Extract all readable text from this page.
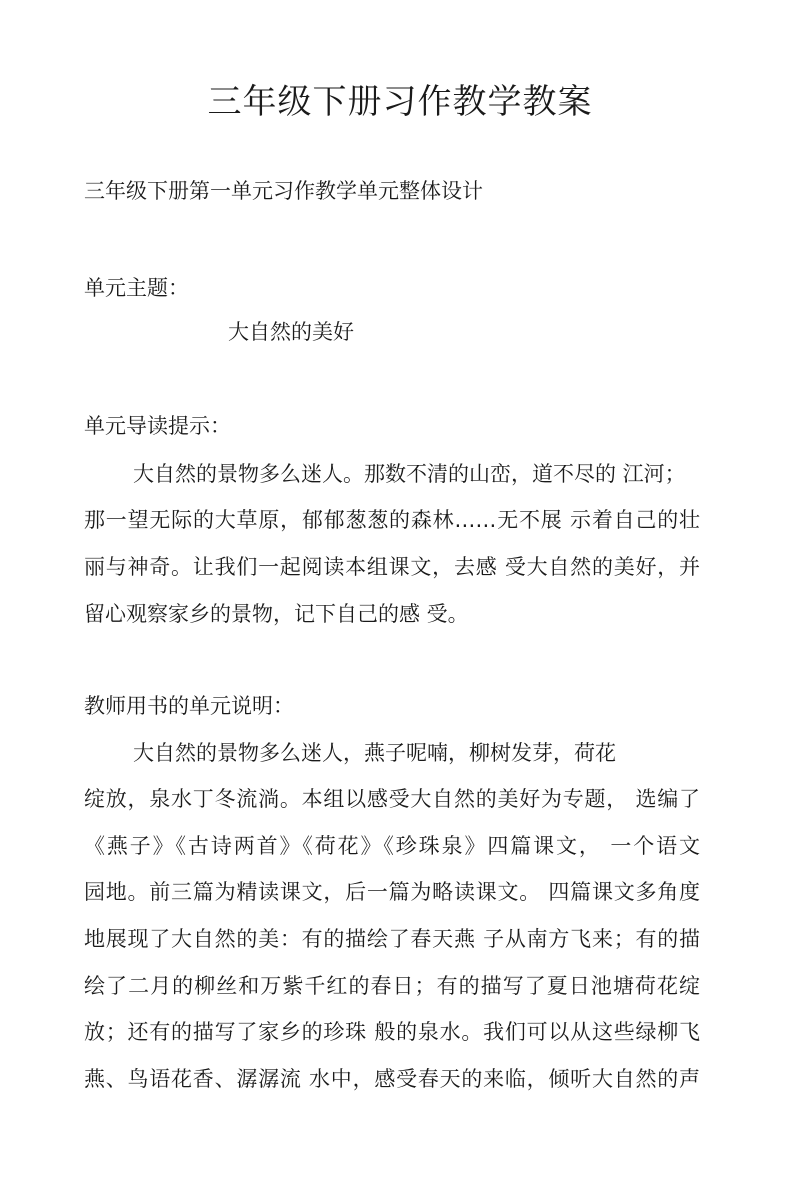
三年级下册习作教学教案
三年级下册第一单元习作教学单元整体设计
单元主题：
大自然的美好
单元导读提示：
大自然的景物多么迷人。那数不清的山峦，道不尽的 江河；
那一望无际的大草原，郁郁葱葱的森林……无不展 示着自己的壮
丽与神奇。让我们一起阅读本组课文，去感 受大自然的美好，并
留心观察家乡的景物，记下自己的感 受。
教师用书的单元说明：
大自然的景物多么迷人，燕子呢喃，柳树发芽，荷花
绽放，泉水丁冬流淌。本组以感受大自然的美好为专题， 选编了
《燕子》《古诗两首》《荷花》《珍珠泉》四篇课文， 一个语文
园地。前三篇为精读课文，后一篇为略读课文。 四篇课文多角度
地展现了大自然的美：有的描绘了春天燕 子从南方飞来；有的描
绘了二月的柳丝和万紫千红的春日；有的描写了夏日池塘荷花绽
放；还有的描写了家乡的珍珠 般的泉水。我们可以从这些绿柳飞
燕、鸟语花香、潺潺流 水中，感受春天的来临，倾听大自然的声
